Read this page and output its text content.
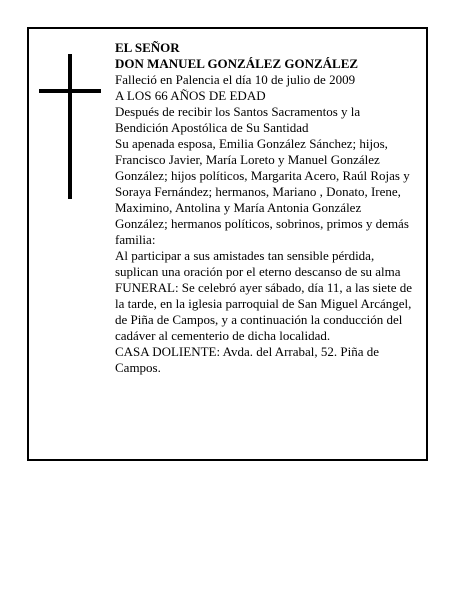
EL SEÑOR
DON MANUEL GONZÁLEZ GONZÁLEZ
Falleció en Palencia el día 10 de julio de 2009
A LOS 66 AÑOS DE EDAD
Después de recibir los Santos Sacramentos y la Bendición Apostólica de Su Santidad
Su apenada esposa, Emilia González Sánchez; hijos, Francisco Javier, María Loreto y Manuel González González; hijos políticos, Margarita Acero, Raúl Rojas y Soraya Fernández; hermanos, Mariano , Donato, Irene, Maximino, Antolina y María Antonia González González; hermanos políticos, sobrinos, primos y demás familia:
Al participar a sus amistades tan sensible pérdida, suplican una oración por el eterno descanso de su alma
FUNERAL: Se celebró ayer sábado, día 11, a las siete de la tarde, en la iglesia parroquial de San Miguel Arcángel, de Piña de Campos, y a continuación la conducción del cadáver al cementerio de dicha localidad.
CASA DOLIENTE: Avda. del Arrabal, 52. Piña de Campos.
